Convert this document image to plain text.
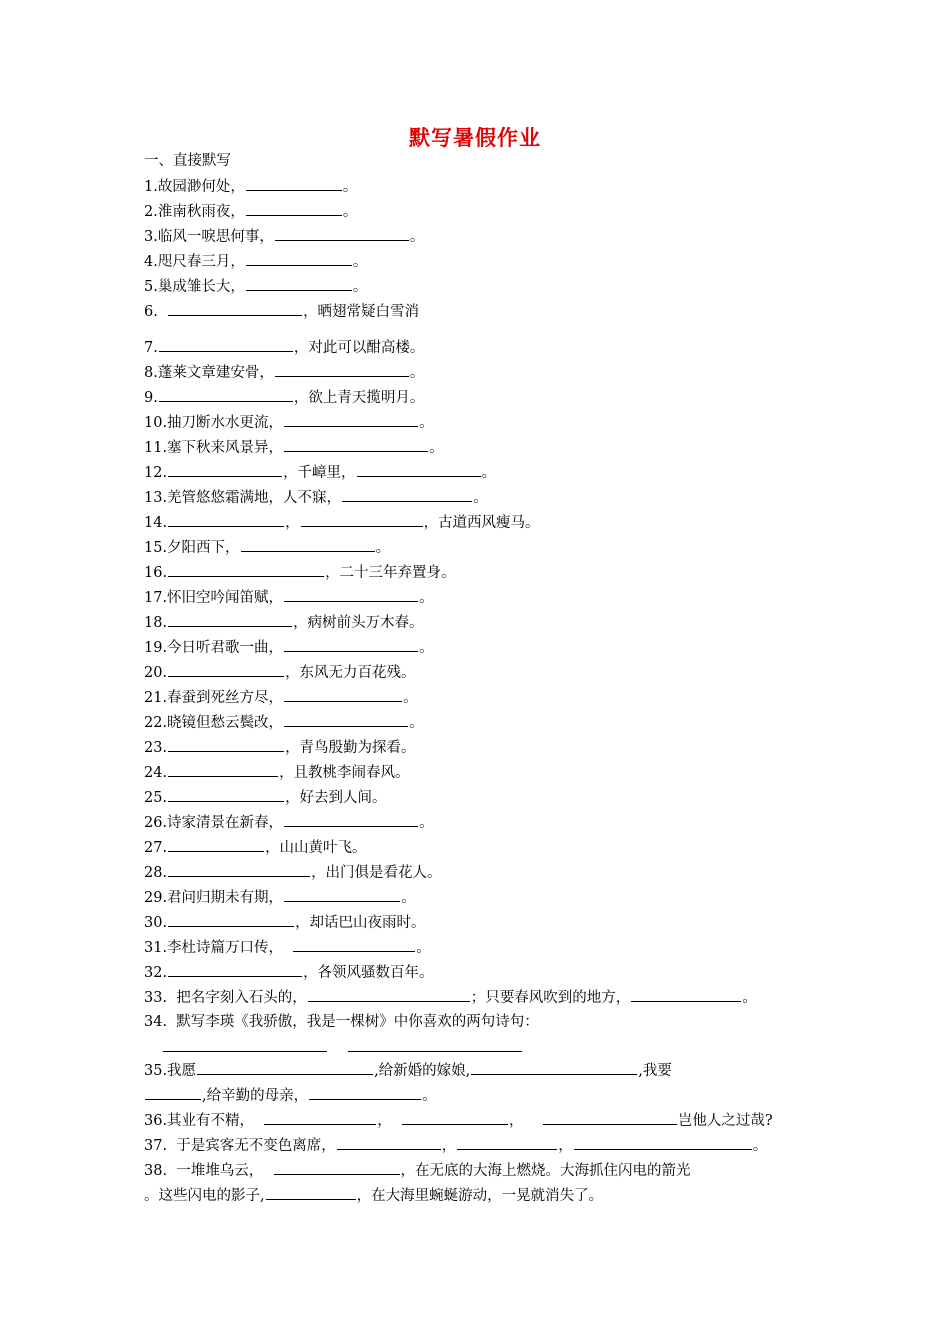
默写暑假作业
一、直接默写
1.故园渺何处，	。
2.淮南秋雨夜，	。
3.临风一唳思何事，	。
4.咫尺春三月，	。
5.巢成雏长大，	。
6.	，晒翅常疑白雪消
7.	，对此可以酣高楼。
8.蓬莱文章建安骨，	。
9.	，欲上青天揽明月。
10.抽刀断水水更流，	。
11.塞下秋来风景异，	。
12.	，千嶂里，	。
13.羌管悠悠霜满地，人不寐，	。
14.	，	，古道西风瘦马。
15.夕阳西下，	。
16.	，二十三年弃置身。
17.怀旧空吟闻笛赋，	。
18.	，病树前头万木春。
19.今日听君歌一曲，	。
20.	，东风无力百花残。
21.春蚕到死丝方尽，	。
22.晓镜但愁云鬓改，	。
23.	，青鸟殷勤为探看。
24.	，且教桃李闹春风。
25.	，好去到人间。
26.诗家清景在新春，	。
27.	，山山黄叶飞。
28.	，出门俱是看花人。
29.君问归期未有期，	。
30.	，却话巴山夜雨时。
31.李杜诗篇万口传，	。
32.	，各领风骚数百年。
33.  把名字刻入石头的，	；只要春风吹到的地方，	。
34.  默写李瑛《我骄傲，我是一棵树》中你喜欢的两句诗句：

35.我愿	,给新婚的嫁娘,	,我要
,给辛勤的母亲，	。
36.其业有不精，	，	，	岂他人之过哉?
37.  于是宾客无不变色离席，	，	，	。
38.  一堆堆乌云，	，在无底的大海上燃烧。大海抓住闪电的箭光
。这些闪电的影子,	，在大海里蜿蜒游动，一晃就消失了。
